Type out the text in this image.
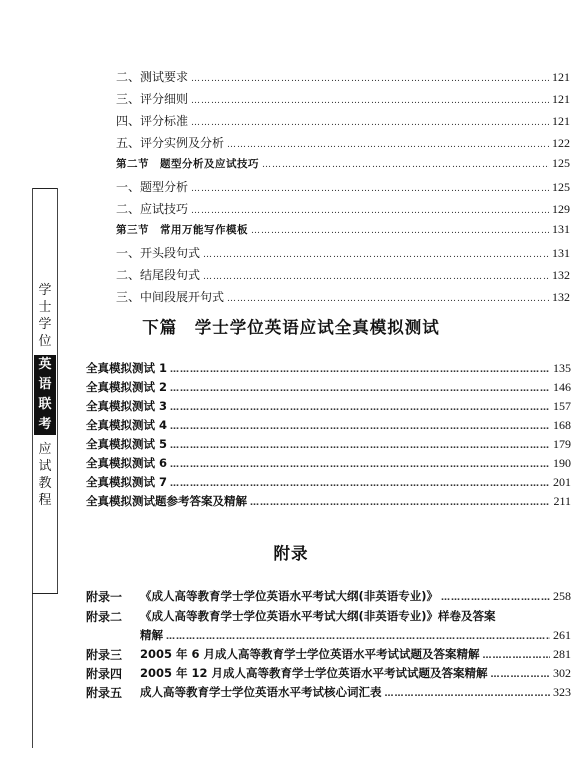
学
士
学
位
英
语
联
考
应
试
教
程
二、测试要求 ……………………………………………………………………………………………………………………………………………………………………………………	121
三、评分细则 ……………………………………………………………………………………………………………………………………………………………………………………	121
四、评分标准 ……………………………………………………………………………………………………………………………………………………………………………………	121
五、评分实例及分析 ……………………………………………………………………………………………………………………………………………………………………………………	122
第二节　题型分析及应试技巧 ……………………………………………………………………………………………………………………………………………………………………………………	125
一、题型分析 ……………………………………………………………………………………………………………………………………………………………………………………	125
二、应试技巧 ……………………………………………………………………………………………………………………………………………………………………………………	129
第三节　常用万能写作模板 ……………………………………………………………………………………………………………………………………………………………………………………	131
一、开头段句式 ……………………………………………………………………………………………………………………………………………………………………………………	131
二、结尾段句式 ……………………………………………………………………………………………………………………………………………………………………………………	132
三、中间段展开句式 ……………………………………………………………………………………………………………………………………………………………………………………	132
下篇　学士学位英语应试全真模拟测试
全真模拟测试 1 ……………………………………………………………………………………………………………………………………………………………………………………	135
全真模拟测试 2 ……………………………………………………………………………………………………………………………………………………………………………………	146
全真模拟测试 3 ……………………………………………………………………………………………………………………………………………………………………………………	157
全真模拟测试 4 ……………………………………………………………………………………………………………………………………………………………………………………	168
全真模拟测试 5 ……………………………………………………………………………………………………………………………………………………………………………………	179
全真模拟测试 6 ……………………………………………………………………………………………………………………………………………………………………………………	190
全真模拟测试 7 ……………………………………………………………………………………………………………………………………………………………………………………	201
全真模拟测试题参考答案及精解 ……………………………………………………………………………………………………………………………………………………………………………………	211
附录
附录一 《成人高等教育学士学位英语水平考试大纲(非英语专业)》 ……………………………………………………………………………………………………………………………………………………………………………………	258
附录二 《成人高等教育学士学位英语水平考试大纲(非英语专业)》样卷及答案
精解 ……………………………………………………………………………………………………………………………………………………………………………………	261
附录三 2005 年 6 月成人高等教育学士学位英语水平考试试题及答案精解 ……………………………………………………………………………………………………………………………………………………………………………………	281
附录四 2005 年 12 月成人高等教育学士学位英语水平考试试题及答案精解 ……………………………………………………………………………………………………………………………………………………………………………………	302
附录五 成人高等教育学士学位英语水平考试核心词汇表 ……………………………………………………………………………………………………………………………………………………………………………………	323
